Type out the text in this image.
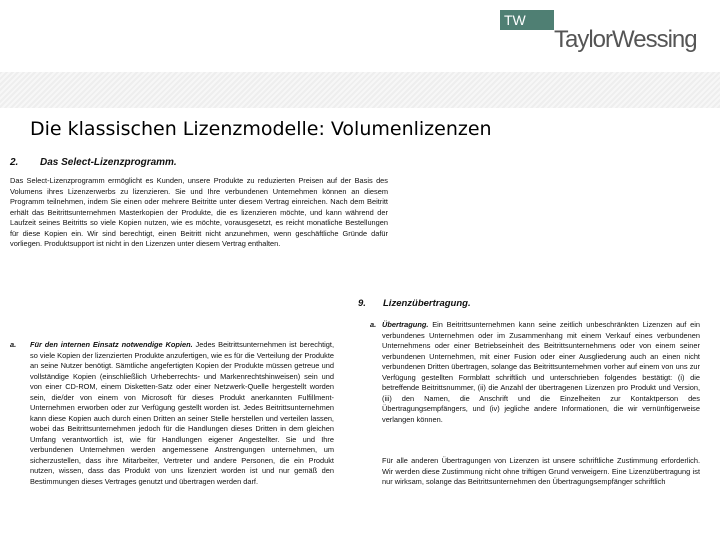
TW
TaylorWessing
Die klassischen Lizenzmodelle: Volumenlizenzen
2. Das Select-Lizenzprogramm.
Das Select-Lizenzprogramm ermöglicht es Kunden, unsere Produkte zu reduzierten Preisen auf der Basis des Volumens ihres Lizenzerwerbs zu lizenzieren. Sie und Ihre verbundenen Unternehmen können an diesem Programm teilnehmen, indem Sie einen oder mehrere Beitritte unter diesem Vertrag einreichen. Nach dem Beitritt erhält das Beitrittsunternehmen Masterkopien der Produkte, die es lizenzieren möchte, und kann während der Laufzeit seines Beitritts so viele Kopien nutzen, wie es möchte, vorausgesetzt, es reicht monatliche Bestellungen für diese Kopien ein. Wir sind berechtigt, einen Beitritt nicht anzunehmen, wenn geschäftliche Gründe dafür vorliegen. Produktsupport ist nicht in den Lizenzen unter diesem Vertrag enthalten.
9. Lizenzübertragung.
a. Für den internen Einsatz notwendige Kopien. Jedes Beitrittsunternehmen ist berechtigt, so viele Kopien der lizenzierten Produkte anzufertigen, wie es für die Verteilung der Produkte an seine Nutzer benötigt. Sämtliche angefertigten Kopien der Produkte müssen getreue und vollständige Kopien (einschließlich Urheberrechts- und Markenrechtshinweisen) sein und von einer CD-ROM, einem Disketten-Satz oder einer Netzwerk-Quelle hergestellt worden sein, die/der von einem von Microsoft für dieses Produkt anerkannten Fulfillment-Unternehmen erworben oder zur Verfügung gestellt worden ist. Jedes Beitrittsunternehmen kann diese Kopien auch durch einen Dritten an seiner Stelle herstellen und verteilen lassen, wobei das Beitrittsunternehmen jedoch für die Handlungen dieses Dritten in dem gleichen Umfang verantwortlich ist, wie für Handlungen eigener Angestellter. Sie und Ihre verbundenen Unternehmen werden angemessene Anstrengungen unternehmen, um sicherzustellen, dass ihre Mitarbeiter, Vertreter und andere Personen, die ein Produkt nutzen, wissen, dass das Produkt von uns lizenziert worden ist und nur gemäß den Bestimmungen dieses Vertrages genutzt und übertragen werden darf.
a. Übertragung. Ein Beitrittsunternehmen kann seine zeitlich unbeschränkten Lizenzen auf ein verbundenes Unternehmen oder im Zusammenhang mit einem Verkauf eines verbundenen Unternehmens oder einer Betriebseinheit des Beitrittsunternehmens oder von einem seiner verbundenen Unternehmen, mit einer Fusion oder einer Ausgliederung auch an einen nicht verbundenen Dritten übertragen, solange das Beitrittsunternehmen vorher auf einem von uns zur Verfügung gestellten Formblatt schriftlich und unterschrieben folgendes bestätigt: (i) die betreffende Beitrittsnummer, (ii) die Anzahl der übertragenen Lizenzen pro Produkt und Version, (iii) den Namen, die Anschrift und die Einzelheiten zur Kontaktperson des Übertragungsempfängers, und (iv) jegliche andere Informationen, die wir vernünftigerweise verlangen können.
Für alle anderen Übertragungen von Lizenzen ist unsere schriftliche Zustimmung erforderlich. Wir werden diese Zustimmung nicht ohne triftigen Grund verweigern. Eine Lizenzübertragung ist nur wirksam, solange das Beitrittsunternehmen den Übertragungsempfänger schriftlich
